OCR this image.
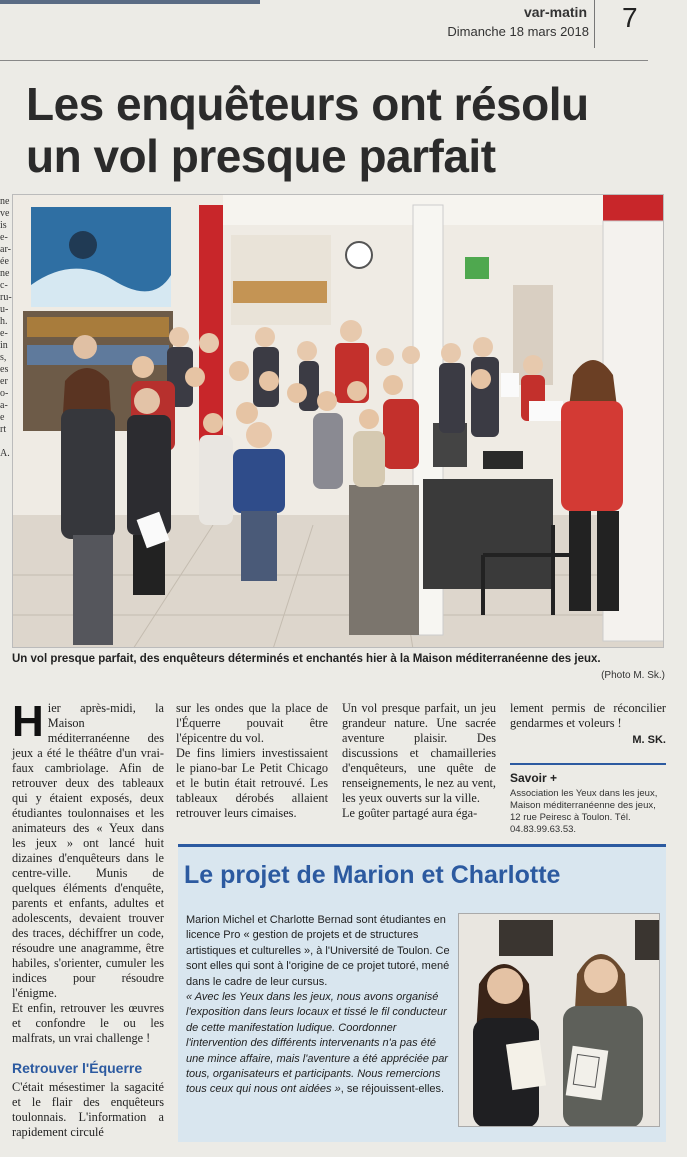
var-matin
Dimanche 18 mars 2018 7
ne
ve
is
e-
ar-
ée
ne
c-
ru-
u-
h.
e-
in
s,
es
er
o-
a-
e
rt

A.
Les enquêteurs ont résolu
un vol presque parfait
Un vol presque parfait, des enquêteurs déterminés et enchantés hier à la Maison méditerranéenne des jeux.
(Photo M. Sk.)
H ier après-midi, la Maison méditerranéenne des jeux a été le théâtre d'un vrai-faux cambriolage. Afin de retrouver deux des tableaux qui y étaient exposés, deux étudiantes toulonnaises et les animateurs des « Yeux dans les jeux » ont lancé huit dizaines d'enquêteurs dans le centre-ville. Munis de quelques éléments d'enquête, parents et enfants, adultes et adolescents, devaient trouver des traces, déchiffrer un code, résoudre une anagramme, être habiles, s'orienter, cumuler les indices pour résoudre l'énigme.

Et enfin, retrouver les œuvres et confondre le ou les malfrats, un vrai challenge !

Retrouver l'Équerre

C'était mésestimer la sagacité et le flair des enquêteurs toulonnais. L'information a rapidement circulé

sur les ondes que la place de l'Équerre pouvait être l'épicentre du vol.

De fins limiers investissaient le piano-bar Le Petit Chicago et le butin était retrouvé. Les tableaux dérobés allaient retrouver leurs cimaises.

Un vol presque parfait, un jeu grandeur nature. Une sacrée aventure plaisir. Des discussions et chamailleries d'enquêteurs, une quête de renseignements, le nez au vent, les yeux ouverts sur la ville.

Le goûter partagé aura éga-

lement permis de réconcilier gendarmes et voleurs !

M. SK.
Savoir +

Association les Yeux dans les jeux, Maison méditerranéenne des jeux, 12 rue Peiresc à Toulon. Tél. 04.83.99.63.53.

Le projet de Marion et Charlotte

Marion Michel et Charlotte Bernad sont étudiantes en licence Pro « gestion de projets et de structures artistiques et culturelles », à l'Université de Toulon. Ce sont elles qui sont à l'origine de ce projet tutoré, mené dans le cadre de leur cursus.

« Avec les Yeux dans les jeux, nous avons organisé l'exposition dans leurs locaux et tissé le fil conducteur de cette manifestation ludique. Coordonner l'intervention des différents intervenants n'a pas été une mince affaire, mais l'aventure a été appréciée par tous, organisateurs et participants. Nous remercions tous ceux qui nous ont aidées », se réjouissent-elles.
